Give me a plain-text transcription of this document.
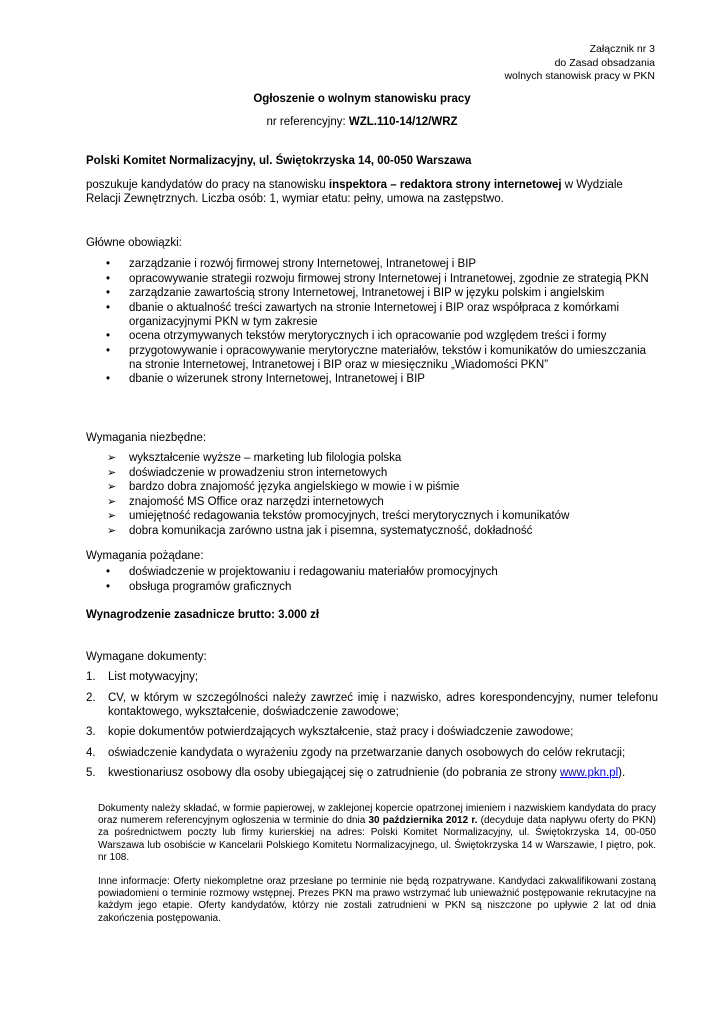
Załącznik nr 3
do Zasad obsadzania
wolnych stanowisk pracy w PKN
Ogłoszenie o wolnym stanowisku pracy
nr referencyjny: WZL.110-14/12/WRZ
Polski Komitet Normalizacyjny, ul. Świętokrzyska 14, 00-050 Warszawa
poszukuje kandydatów do pracy na stanowisku inspektora – redaktora strony internetowej w Wydziale Relacji Zewnętrznych. Liczba osób: 1, wymiar etatu: pełny, umowa na zastępstwo.
Główne obowiązki:
• zarządzanie i rozwój firmowej strony Internetowej, Intranetowej i BIP
• opracowywanie strategii rozwoju firmowej strony Internetowej i Intranetowej, zgodnie ze strategią PKN
• zarządzanie zawartością strony Internetowej, Intranetowej i BIP w języku polskim i angielskim
• dbanie o aktualność treści zawartych na stronie Internetowej i BIP oraz współpraca z komórkami organizacyjnymi PKN w tym zakresie
• ocena otrzymywanych tekstów merytorycznych i ich opracowanie pod względem treści i formy
• przygotowywanie i opracowywanie merytoryczne materiałów, tekstów i komunikatów do umieszczania na stronie Internetowej, Intranetowej i BIP oraz w miesięczniku „Wiadomości PKN”
• dbanie o wizerunek strony Internetowej, Intranetowej i BIP
Wymagania niezbędne:
➢ wykształcenie wyższe – marketing lub filologia polska
➢ doświadczenie w prowadzeniu stron internetowych
➢ bardzo dobra znajomość języka angielskiego w mowie i w piśmie
➢ znajomość MS Office oraz narzędzi internetowych
➢ umiejętność redagowania tekstów promocyjnych, treści merytorycznych i komunikatów
➢ dobra komunikacja zarówno ustna jak i pisemna, systematyczność, dokładność
Wymagania pożądane:
• doświadczenie w projektowaniu i redagowaniu materiałów promocyjnych
• obsługa programów graficznych
Wynagrodzenie zasadnicze brutto: 3.000 zł
Wymagane dokumenty:
1. List motywacyjny;
2. CV, w którym w szczególności należy zawrzeć imię i nazwisko, adres korespondencyjny, numer telefonu kontaktowego, wykształcenie, doświadczenie zawodowe;
3. kopie dokumentów potwierdzających wykształcenie, staż pracy i doświadczenie zawodowe;
4. oświadczenie kandydata o wyrażeniu zgody na przetwarzanie danych osobowych do celów rekrutacji;
5. kwestionariusz osobowy dla osoby ubiegającej się o zatrudnienie (do pobrania ze strony www.pkn.pl).
Dokumenty należy składać, w formie papierowej, w zaklejonej kopercie opatrzonej imieniem i nazwiskiem kandydata do pracy oraz numerem referencyjnym ogłoszenia w terminie do dnia 30 października 2012 r. (decyduje data napływu oferty do PKN) za pośrednictwem poczty lub firmy kurierskiej na adres: Polski Komitet Normalizacyjny, ul. Świętokrzyska 14, 00-050 Warszawa lub osobiście w Kancelarii Polskiego Komitetu Normalizacyjnego, ul. Świętokrzyska 14 w Warszawie, I piętro, pok. nr 108.
Inne informacje: Oferty niekompletne oraz przesłane po terminie nie będą rozpatrywane. Kandydaci zakwalifikowani zostaną powiadomieni o terminie rozmowy wstępnej. Prezes PKN ma prawo wstrzymać lub unieważnić postępowanie rekrutacyjne na każdym jego etapie. Oferty kandydatów, którzy nie zostali zatrudnieni w PKN są niszczone po upływie 2 lat od dnia zakończenia postępowania.
